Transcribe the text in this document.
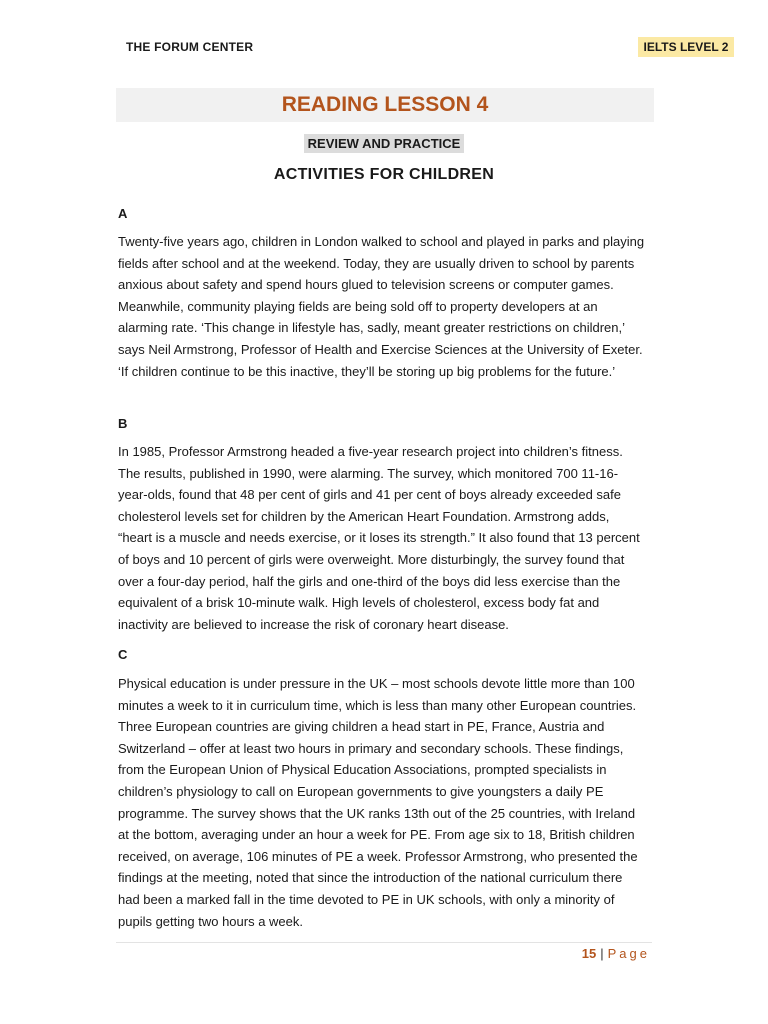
THE FORUM CENTER	IELTS LEVEL 2
READING LESSON 4
REVIEW AND PRACTICE
ACTIVITIES FOR CHILDREN
A

Twenty-five years ago, children in London walked to school and played in parks and playing fields after school and at the weekend. Today, they are usually driven to school by parents anxious about safety and spend hours glued to television screens or computer games. Meanwhile, community playing fields are being sold off to property developers at an alarming rate. ‘This change in lifestyle has, sadly, meant greater restrictions on children,’ says Neil Armstrong, Professor of Health and Exercise Sciences at the University of Exeter. ‘If children continue to be this inactive, they’ll be storing up big problems for the future.’

B

In 1985, Professor Armstrong headed a five-year research project into children’s fitness. The results, published in 1990, were alarming. The survey, which monitored 700 11-16-year-olds, found that 48 per cent of girls and 41 per cent of boys already exceeded safe cholesterol levels set for children by the American Heart Foundation. Armstrong adds, “heart is a muscle and needs exercise, or it loses its strength.” It also found that 13 percent of boys and 10 percent of girls were overweight. More disturbingly, the survey found that over a four-day period, half the girls and one-third of the boys did less exercise than the equivalent of a brisk 10-minute walk. High levels of cholesterol, excess body fat and inactivity are believed to increase the risk of coronary heart disease.

C

Physical education is under pressure in the UK – most schools devote little more than 100 minutes a week to it in curriculum time, which is less than many other European countries. Three European countries are giving children a head start in PE, France, Austria and Switzerland – offer at least two hours in primary and secondary schools. These findings, from the European Union of Physical Education Associations, prompted specialists in children’s physiology to call on European governments to give youngsters a daily PE programme. The survey shows that the UK ranks 13th out of the 25 countries, with Ireland at the bottom, averaging under an hour a week for PE. From age six to 18, British children received, on average, 106 minutes of PE a week. Professor Armstrong, who presented the findings at the meeting, noted that since the introduction of the national curriculum there had been a marked fall in the time devoted to PE in UK schools, with only a minority of pupils getting two hours a week.

15 | Page
